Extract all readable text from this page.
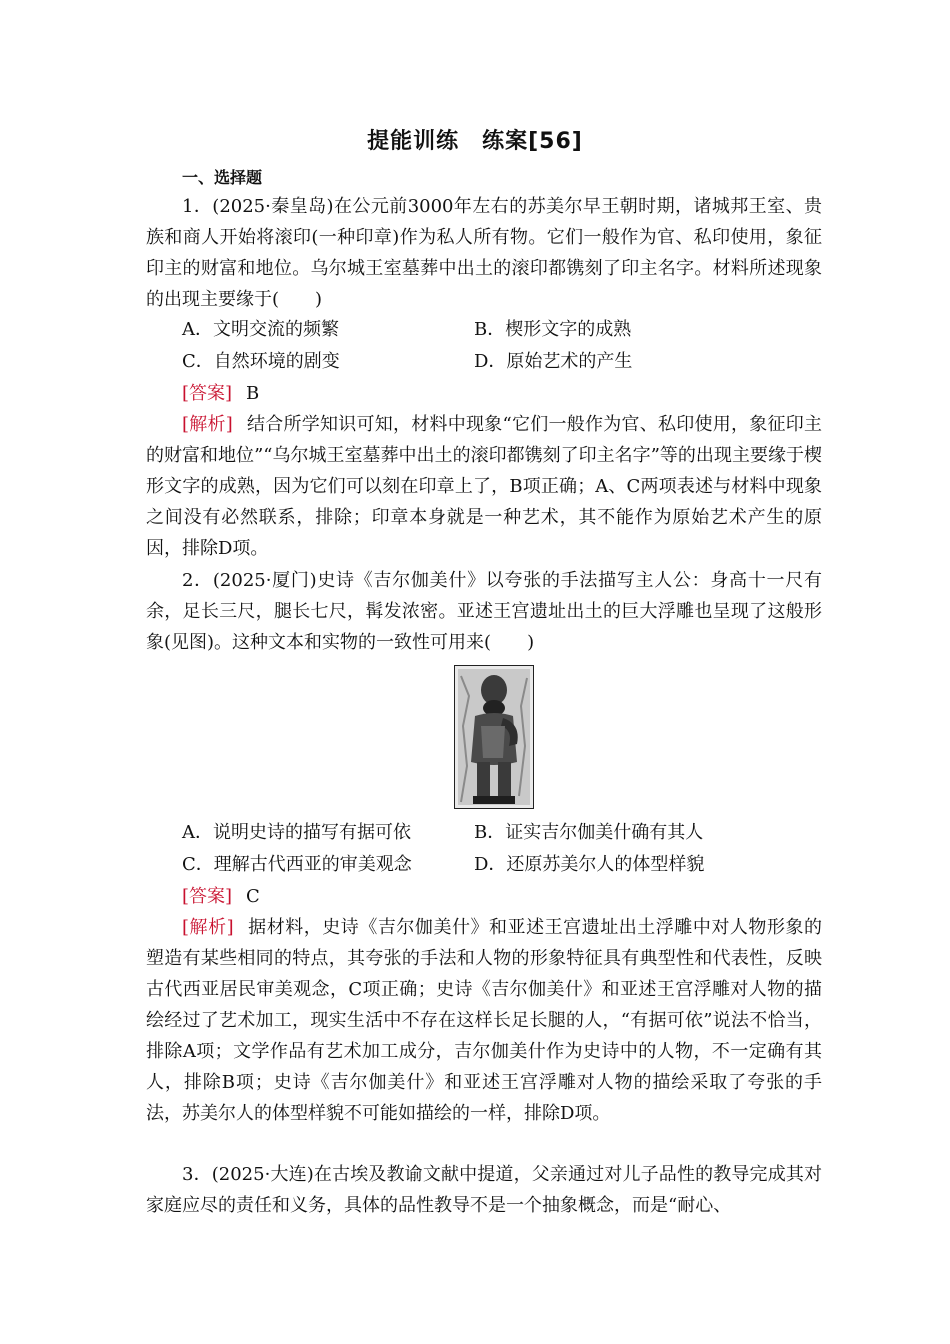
提能训练　练案[56]
一、选择题

1．(2025·秦皇岛)在公元前3000年左右的苏美尔早王朝时期，诸城邦王室、贵族和商人开始将滚印(一种印章)作为私人所有物。它们一般作为官、私印使用，象征印主的财富和地位。乌尔城王室墓葬中出土的滚印都镌刻了印主名字。材料所述现象的出现主要缘于(　　)

A．文明交流的频繁	B．楔形文字的成熟
C．自然环境的剧变	D．原始艺术的产生
[答案] B

[解析] 结合所学知识可知，材料中现象“它们一般作为官、私印使用，象征印主的财富和地位”“乌尔城王室墓葬中出土的滚印都镌刻了印主名字”等的出现主要缘于楔形文字的成熟，因为它们可以刻在印章上了，B项正确；A、C两项表述与材料中现象之间没有必然联系，排除；印章本身就是一种艺术，其不能作为原始艺术产生的原因，排除D项。

2．(2025·厦门)史诗《吉尔伽美什》以夸张的手法描写主人公：身高十一尺有余，足长三尺，腿长七尺，髯发浓密。亚述王宫遗址出土的巨大浮雕也呈现了这般形象(见图)。这种文本和实物的一致性可用来(　　)

A．说明史诗的描写有据可依	B．证实吉尔伽美什确有其人
C．理解古代西亚的审美观念	D．还原苏美尔人的体型样貌
[答案] C

[解析] 据材料，史诗《吉尔伽美什》和亚述王宫遗址出土浮雕中对人物形象的塑造有某些相同的特点，其夸张的手法和人物的形象特征具有典型性和代表性，反映古代西亚居民审美观念，C项正确；史诗《吉尔伽美什》和亚述王宫浮雕对人物的描绘经过了艺术加工，现实生活中不存在这样长足长腿的人，“有据可依”说法不恰当，排除A项；文学作品有艺术加工成分，吉尔伽美什作为史诗中的人物，不一定确有其人，排除B项；史诗《吉尔伽美什》和亚述王宫浮雕对人物的描绘采取了夸张的手法，苏美尔人的体型样貌不可能如描绘的一样，排除D项。

3．(2025·大连)在古埃及教谕文献中提道，父亲通过对儿子品性的教导完成其对家庭应尽的责任和义务，具体的品性教导不是一个抽象概念，而是“耐心、
